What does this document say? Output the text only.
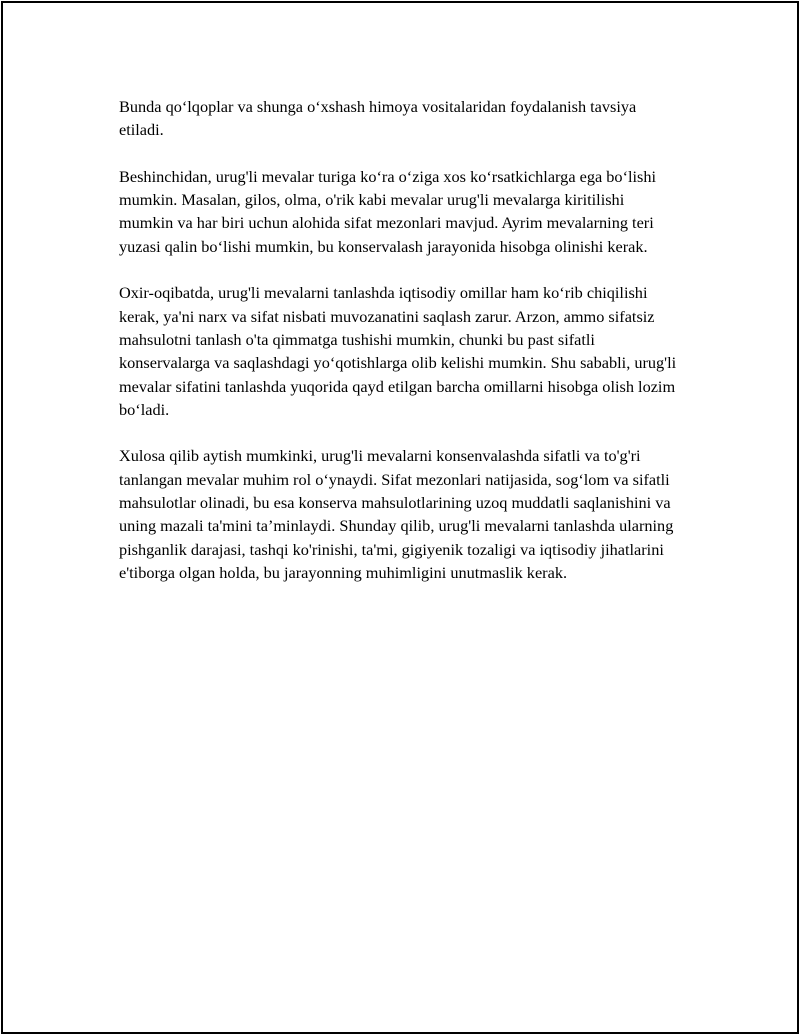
Bunda qo‘lqoplar va shunga o‘xshash himoya vositalaridan foydalanish tavsiya etiladi.

Beshinchidan, urug'li mevalar turiga ko‘ra o‘ziga xos ko‘rsatkichlarga ega bo‘lishi mumkin. Masalan, gilos, olma, o'rik kabi mevalar urug'li mevalarga kiritilishi mumkin va har biri uchun alohida sifat mezonlari mavjud. Ayrim mevalarning teri yuzasi qalin bo‘lishi mumkin, bu konservalash jarayonida hisobga olinishi kerak.

Oxir-oqibatda, urug'li mevalarni tanlashda iqtisodiy omillar ham ko‘rib chiqilishi kerak, ya'ni narx va sifat nisbati muvozanatini saqlash zarur. Arzon, ammo sifatsiz mahsulotni tanlash o'ta qimmatga tushishi mumkin, chunki bu past sifatli konservalarga va saqlashdagi yo‘qotishlarga olib kelishi mumkin. Shu sababli, urug'li mevalar sifatini tanlashda yuqorida qayd etilgan barcha omillarni hisobga olish lozim bo‘ladi.

Xulosa qilib aytish mumkinki, urug'li mevalarni konsenvalashda sifatli va to'g'ri tanlangan mevalar muhim rol o‘ynaydi. Sifat mezonlari natijasida, sog‘lom va sifatli mahsulotlar olinadi, bu esa konserva mahsulotlarining uzoq muddatli saqlanishini va uning mazali ta'mini ta’minlaydi. Shunday qilib, urug'li mevalarni tanlashda ularning pishganlik darajasi, tashqi ko'rinishi, ta'mi, gigiyenik tozaligi va iqtisodiy jihatlarini e'tiborga olgan holda, bu jarayonning muhimligini unutmaslik kerak.
